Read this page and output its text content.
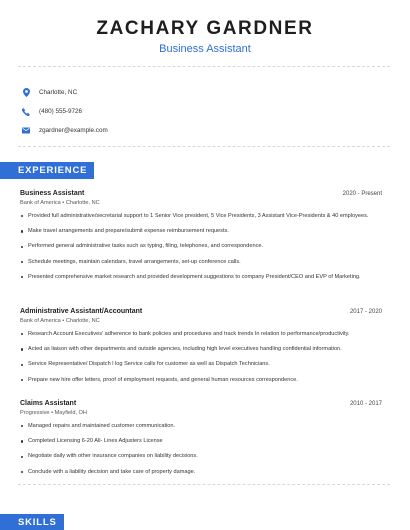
ZACHARY GARDNER
Business Assistant
Charlotte, NC
(480) 555-9726
zgardner@example.com
EXPERIENCE
Business Assistant	2020 - Present
Bank of America • Charlotte, NC
Provided full administrative/secretarial support to 1 Senior Vice president, 5 Vice Presidents, 3 Assistant Vice-Presidents & 40 employees.
Make travel arrangements and prepare/submit expense reimbursement requests.
Performed general administrative tasks such as typing, filing, telephones, and correspondence.
Schedule meetings, maintain calendars, travel arrangements, set-up conference calls.
Presented comprehensive market research and provided development suggestions to company President/CEO and EVP of Marketing.
Administrative Assistant/Accountant	2017 - 2020
Bank of America • Charlotte, NC
Research Account Executives' adherence to bank policies and procedures and track trends In relation to performance/productivity.
Acted as liaison with other departments and outside agencies, including high level executives handling confidential information.
Service Representative/ Dispatch l log Service calls for customer as well as Dispatch Technicians.
Prepare new hire offer letters, proof of employment requests, and general human resources correspondence.
Claims Assistant	2010 - 2017
Progressive • Mayfield, OH
Managed repairs and maintained customer communication.
Completed Licensing 6-20 All- Lines Adjusters License
Negotiate daily with other insurance companies on liability decisions.
Conclude with a liability decision and take care of property damage.
SKILLS
